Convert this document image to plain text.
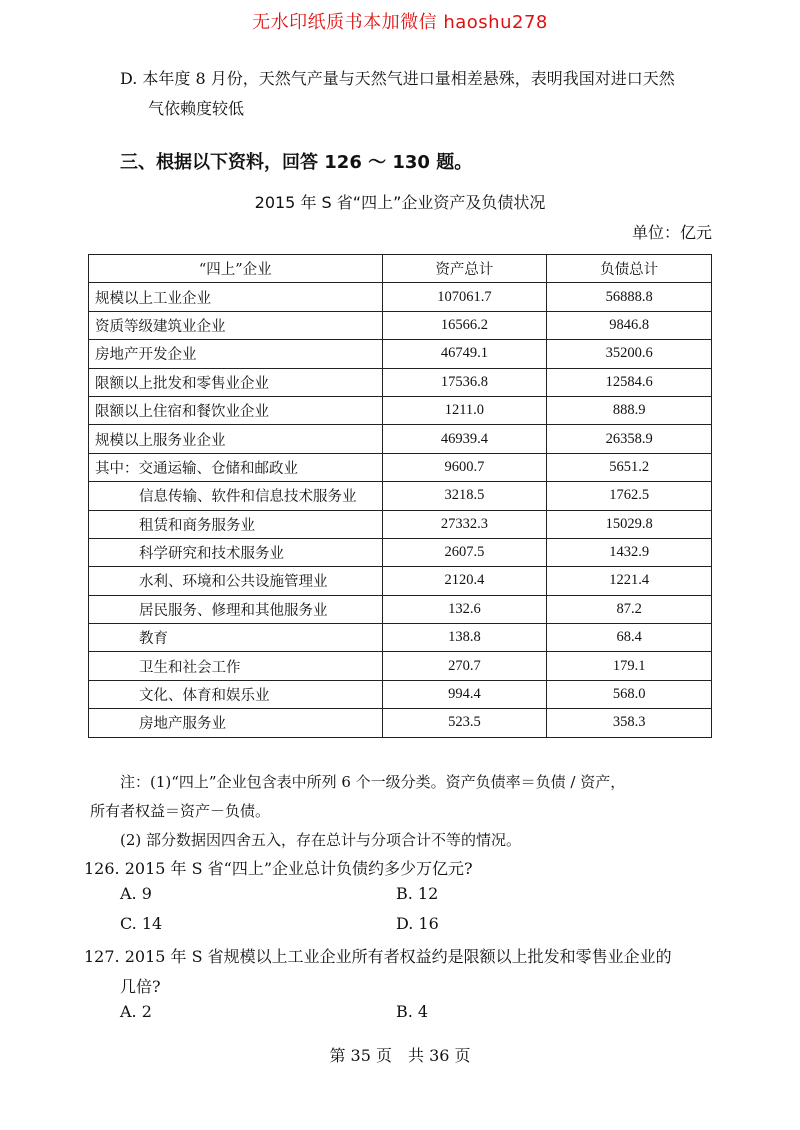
无水印纸质书本加微信 haoshu278
D. 本年度 8 月份，天然气产量与天然气进口量相差悬殊，表明我国对进口天然
气依赖度较低
三、根据以下资料，回答 126 ～ 130 题。
2015 年 S 省“四上”企业资产及负债状况
单位：亿元
“四上”企业	资产总计	负债总计
规模以上工业企业	107061.7	56888.8
资质等级建筑业企业	16566.2	9846.8
房地产开发企业	46749.1	35200.6
限额以上批发和零售业企业	17536.8	12584.6
限额以上住宿和餐饮业企业	1211.0	888.9
规模以上服务业企业	46939.4	26358.9
其中：交通运输、仓储和邮政业	9600.7	5651.2
信息传输、软件和信息技术服务业	3218.5	1762.5
租赁和商务服务业	27332.3	15029.8
科学研究和技术服务业	2607.5	1432.9
水利、环境和公共设施管理业	2120.4	1221.4
居民服务、修理和其他服务业	132.6	87.2
教育	138.8	68.4
卫生和社会工作	270.7	179.1
文化、体育和娱乐业	994.4	568.0
房地产服务业	523.5	358.3
注：(1)“四上”企业包含表中所列 6 个一级分类。资产负债率＝负债 / 资产，
所有者权益＝资产－负债。
(2) 部分数据因四舍五入，存在总计与分项合计不等的情况。
126. 2015 年 S 省“四上”企业总计负债约多少万亿元?
A. 9	B. 12
C. 14	D. 16
127. 2015 年 S 省规模以上工业企业所有者权益约是限额以上批发和零售业企业的
几倍?
A. 2	B. 4
第 35 页　共 36 页
